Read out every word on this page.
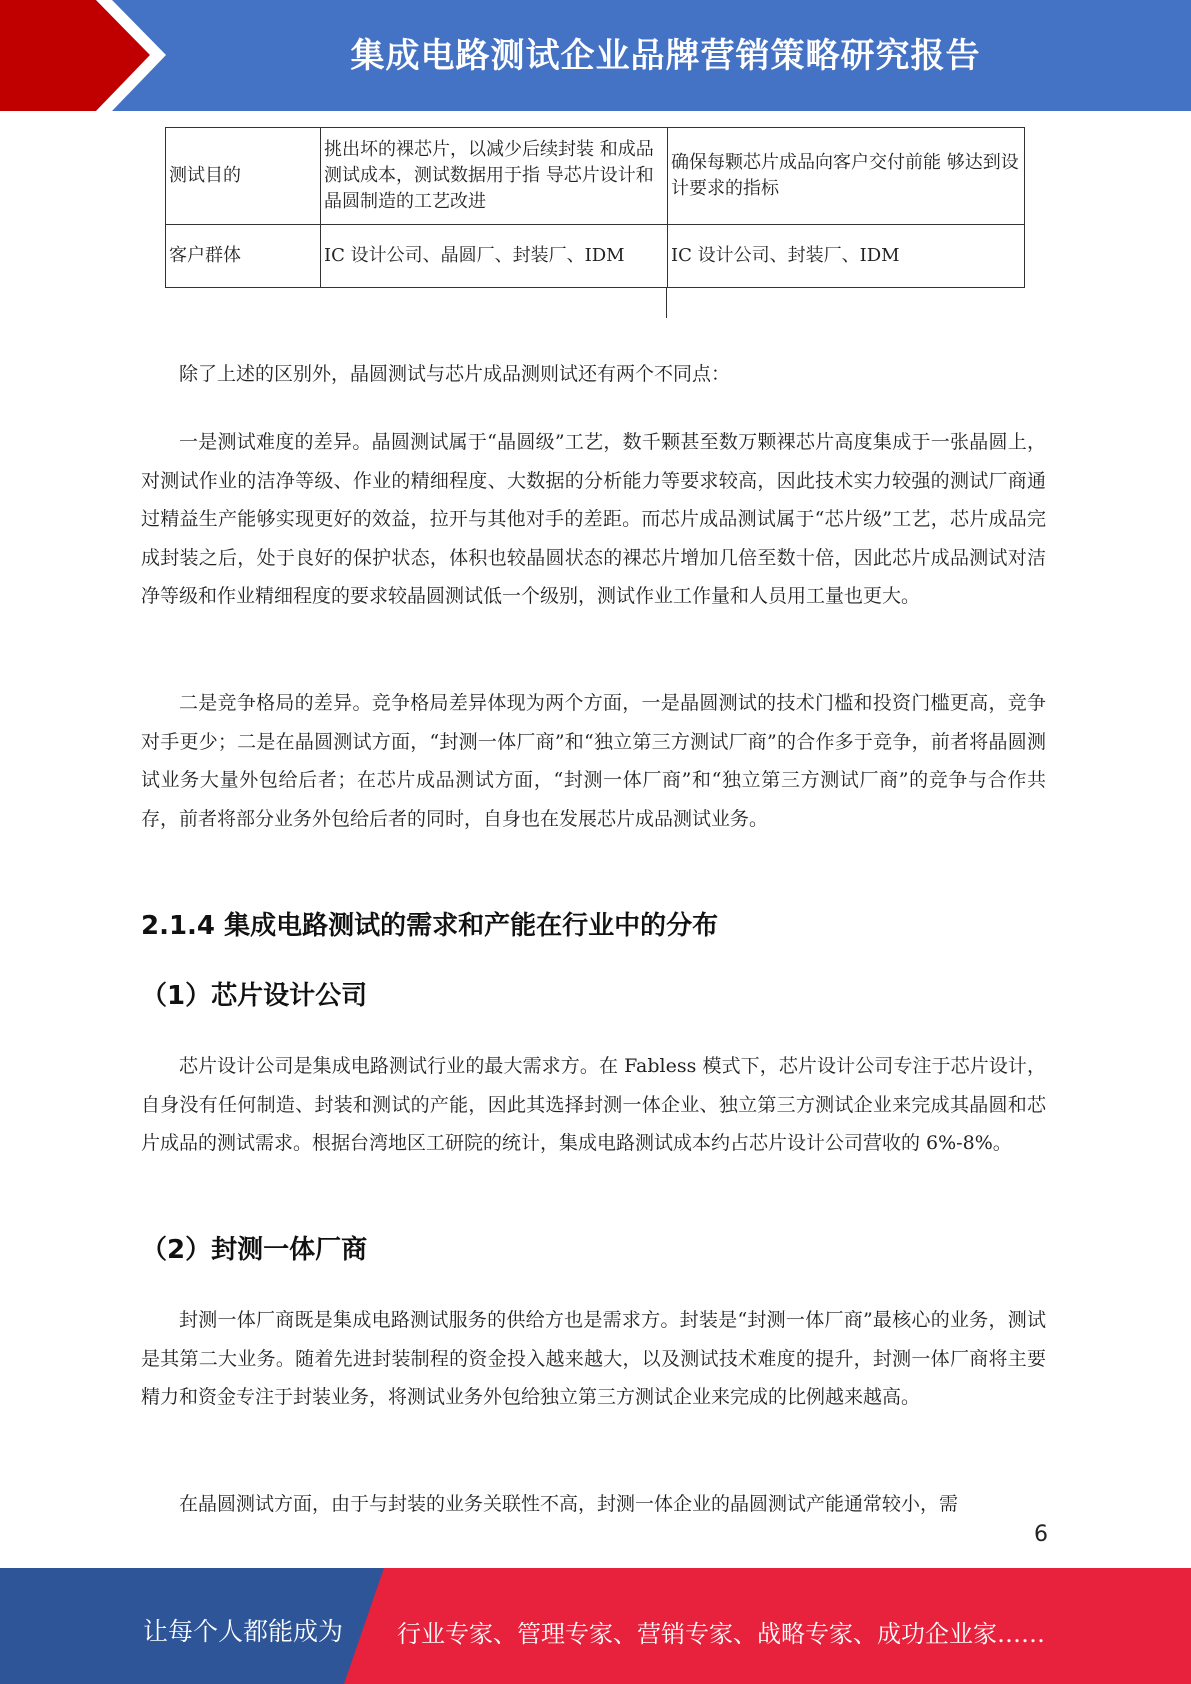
集成电路测试企业品牌营销策略研究报告
测试目的	挑出坏的裸芯片，以减少后续封装 和成品测试成本，测试数据用于指 导芯片设计和晶圆制造的工艺改进	确保每颗芯片成品向客户交付前能 够达到设计要求的指标
客户群体	IC 设计公司、晶圆厂、封装厂、IDM	IC 设计公司、封装厂、IDM

除了上述的区别外，晶圆测试与芯片成品测则试还有两个不同点：

一是测试难度的差异。晶圆测试属于“晶圆级”工艺，数千颗甚至数万颗裸芯片高度集成于一张晶圆上，对测试作业的洁净等级、作业的精细程度、大数据的分析能力等要求较高，因此技术实力较强的测试厂商通过精益生产能够实现更好的效益，拉开与其他对手的差距。而芯片成品测试属于“芯片级”工艺，芯片成品完成封装之后，处于良好的保护状态，体积也较晶圆状态的裸芯片增加几倍至数十倍，因此芯片成品测试对洁净等级和作业精细程度的要求较晶圆测试低一个级别，测试作业工作量和人员用工量也更大。

二是竞争格局的差异。竞争格局差异体现为两个方面，一是晶圆测试的技术门槛和投资门槛更高，竞争对手更少；二是在晶圆测试方面，“封测一体厂商”和“独立第三方测试厂商”的合作多于竞争，前者将晶圆测试业务大量外包给后者；在芯片成品测试方面，“封测一体厂商”和“独立第三方测试厂商”的竞争与合作共存，前者将部分业务外包给后者的同时，自身也在发展芯片成品测试业务。

2.1.4 集成电路测试的需求和产能在行业中的分布
（1）芯片设计公司

芯片设计公司是集成电路测试行业的最大需求方。在 Fabless 模式下，芯片设计公司专注于芯片设计，自身没有任何制造、封装和测试的产能，因此其选择封测一体企业、独立第三方测试企业来完成其晶圆和芯片成品的测试需求。根据台湾地区工研院的统计，集成电路测试成本约占芯片设计公司营收的 6%-8%。

（2）封测一体厂商

封测一体厂商既是集成电路测试服务的供给方也是需求方。封装是“封测一体厂商”最核心的业务，测试是其第二大业务。随着先进封装制程的资金投入越来越大，以及测试技术难度的提升，封测一体厂商将主要精力和资金专注于封装业务，将测试业务外包给独立第三方测试企业来完成的比例越来越高。

在晶圆测试方面，由于与封装的业务关联性不高，封测一体企业的晶圆测试产能通常较小，需

6
让每个人都能成为 行业专家、管理专家、营销专家、战略专家、成功企业家……
